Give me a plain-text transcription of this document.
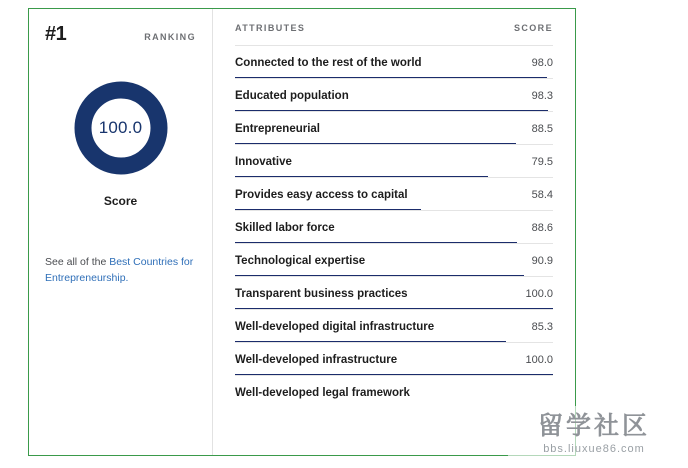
#1	RANKING
100.0
Score
See all of the Best Countries for Entrepreneurship.
ATTRIBUTES	SCORE
Connected to the rest of the world	98.0
Educated population	98.3
Entrepreneurial	88.5
Innovative	79.5
Provides easy access to capital	58.4
Skilled labor force	88.6
Technological expertise	90.9
Transparent business practices	100.0
Well-developed digital infrastructure	85.3
Well-developed infrastructure	100.0
Well-developed legal framework
留学社区
bbs.liuxue86.com
